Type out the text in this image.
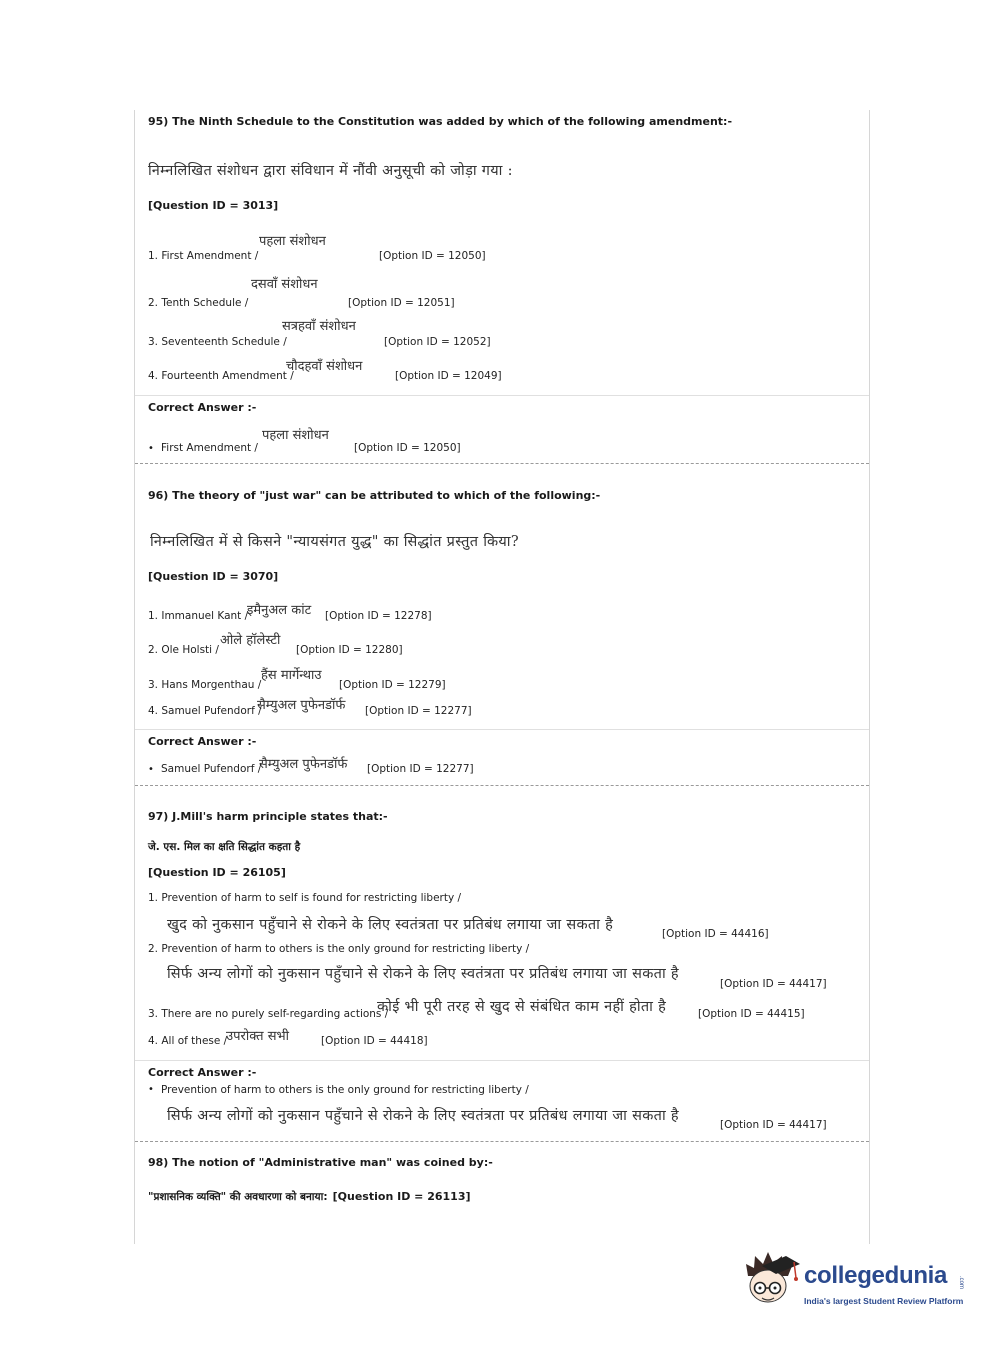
95) The Ninth Schedule to the Constitution was added by which of the following amendment:-
निम्नलिखित संशोधन द्वारा संविधान में नौंवी अनुसूची को जोड़ा गया :
[Question ID = 3013]
पहला संशोधन
1. First Amendment /	[Option ID = 12050]
दसवाँ संशोधन
2. Tenth Schedule /	[Option ID = 12051]
सत्रहवाँ संशोधन
3. Seventeenth Schedule /	[Option ID = 12052]
चौदहवाँ संशोधन
4. Fourteenth Amendment /	[Option ID = 12049]
Correct Answer :-
•
पहला संशोधन
First Amendment /	[Option ID = 12050]
96) The theory of "just war" can be attributed to which of the following:-
निम्नलिखित में से किसने "न्यायसंगत युद्ध" का सिद्धांत प्रस्तुत किया?
[Question ID = 3070]
इमैनुअल कांट
1. Immanuel Kant /	[Option ID = 12278]
ओले हॉलेस्टी
2. Ole Holsti /	[Option ID = 12280]
हैंस मार्गेन्थाउ
3. Hans Morgenthau /	[Option ID = 12279]
सैम्युअल पुफेनडॉर्फ
4. Samuel Pufendorf /	[Option ID = 12277]
Correct Answer :-
•	सैम्युअल पुफेनडॉर्फ
Samuel Pufendorf /	[Option ID = 12277]
97) J.Mill's harm principle states that:-
जे. एस. मिल का क्षति सिद्धांत कहता है
[Question ID = 26105]
1. Prevention of harm to self is found for restricting liberty /
खुद को नुकसान पहुँचाने से रोकने के लिए स्वतंत्रता पर प्रतिबंध लगाया जा सकता है
[Option ID = 44416]
2. Prevention of harm to others is the only ground for restricting liberty /
सिर्फ अन्य लोगों को नुकसान पहुँचाने से रोकने के लिए स्वतंत्रता पर प्रतिबंध लगाया जा सकता है
[Option ID = 44417]
3. There are no purely self-regarding actions /
कोई भी पूरी तरह से खुद से संबंधित काम नहीं होता है	[Option ID = 44415]
4. All of these /
उपरोक्त सभी	[Option ID = 44418]
Correct Answer :-
• Prevention of harm to others is the only ground for restricting liberty /
सिर्फ अन्य लोगों को नुकसान पहुँचाने से रोकने के लिए स्वतंत्रता पर प्रतिबंध लगाया जा सकता है
[Option ID = 44417]
98) The notion of "Administrative man" was coined by:-
"प्रशासनिक व्यक्ति" की अवधारणा को बनाया: [Question ID = 26113]
collegedunia .com
India's largest Student Review Platform
